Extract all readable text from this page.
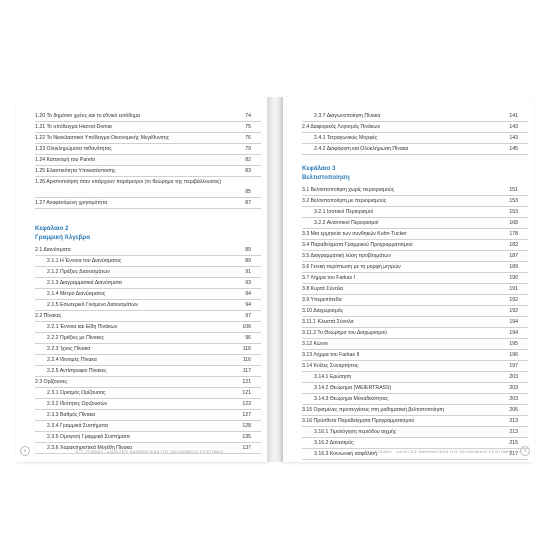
1.20 Το δημόσιο χρέος και το εθνικό εισόδημα	74
1.21 Το υπόδειγμα Harrod-Domar	75
1.22 Το Νεοκλασσικό Υπόδειγμα Οικονομικής Μεγέθυνσης	76
1.23 Ολοκληρώματα πιθανότητας	79
1.24 Κατανομή του Pareto	82
1.25 Ελαστικότητα Υποκατάστασης	83
1.26 Αριστοποίηση όταν υπάρχουν παράμετροι (το θεώρημα της περιβάλλουσας)
85
1.27 Αναφενόμενη χρησιμότητα	87
Κεφάλαιο 2
Γραμμική Άλγεβρα
2.1 Διανύσματα	89
2.1.1 Η Έννοια του Διανύσματος	89
2.1.2 Πράξεις Διανυσμάτων	91
2.1.3 Διαγραμματικά Διανύσματα	93
2.1.4 Μέτρο Διανύσματος	94
2.1.5 Εσωτερικό Γινόμενο Διανυσμάτων	94
2.2 Πίνακες	97
2.2.1 Έννοια και Είδη Πινάκων	106
2.2.2 Πράξεις με Πίνακες	96
2.2.3 Ίχνος Πίνακα	116
2.2.4 Ιδιοτιμές Πίνακα	116
2.2.5 Αντίστροφοι Πίνακες	117
2.3 Ορίζουσες	121
2.3.1 Ορισμός Ορίζουσας	121
2.3.2 Ιδιότητες Οριζουσών	123
2.3.3 Βαθμός Πίνακα	127
2.3.4 Γραμμικά Συστήματα	128
2.3.5 Ομογενή Γραμμικά Συστήματα	135
2.3.6 Χαρακτηριστικά Μεγέθη Πίνακα	137
Ε. Γ. ΤΣΙΩΝΑΣ - ΔΙΑΛΕΞΕΙΣ ΜΑΘΗΜΑΤΙΚΩΝ ΤΗΣ ΟΙΚΟΝΟΜΙΚΗΣ ΕΠΙΣΤΗΜΗΣ
8
2.3.7 Διαγωνοποίηση Πίνακα	141
2.4 Διαφορικός Λογισμός Πινάκων	143
2.4.1 Τετραγωνικές Μορφές	143
2.4.2 Διαφόριση και Ολοκλήρωση Πίνακα	145
Κεφάλαιο 3
Βελτιστοποίηση
3.1 Βελτιστοποίηση χωρίς περιορισμούς	151
3.2 Βελτιστοποίηση με περιορισμούς	153
3.2.1 Ισοτικοί Περιορισμοί	153
3.2.2 Ανισοτικοί Περιορισμοί	168
3.3 Μια ερμηνεία των συνθηκών Kuhn-Tucker	178
3.4 Παραδείγματα Γραμμικού Προγραμματισμού	182
3.5 Διαγραμματική λύση προβλημάτων	187
3.6 Γενική περίπτωση με τη μορφή μητρών	189
3.7 Λήμμα του Farkas I	190
3.8 Κυρτά Σύνολα	191
3.9 Υπερεπίπεδα	192
3.10 Διαχωρισμός	192
3.11.1 Κλειστά Σύνολα	194
3.11.2 Το Θεώρημα του Διαχωρισμού	194
3.12 Κώνοι	195
3.13 Λήμμα του Farkas II	196
3.14 Κοίλες Συναρτήσεις	197
3.14.1 Ερώτηση	203
3.14.2 Θεώρημα (WEIERTRASS)	203
3.14.3 Θεώρημα Μοναδικότητας	203
3.15 Ορισμένες προσεγγίσεις στη μαθηματική βελτιστοποίηση	206
3.16 Πρόσθετα Παραδείγματα Προγραμματισμού	213
3.16.1 Τιμολόγηση περιόδου αιχμής	213
3.16.2 Δανεισμός	215
3.16.3 Κοινωνική ασφάλιση	217
Ε. Γ. ΤΣΙΩΝΑΣ - ΔΙΑΛΕΞΕΙΣ ΜΑΘΗΜΑΤΙΚΩΝ ΤΗΣ ΟΙΚΟΝΟΜΙΚΗΣ ΕΠΙΣΤΗΜΗΣ	9
